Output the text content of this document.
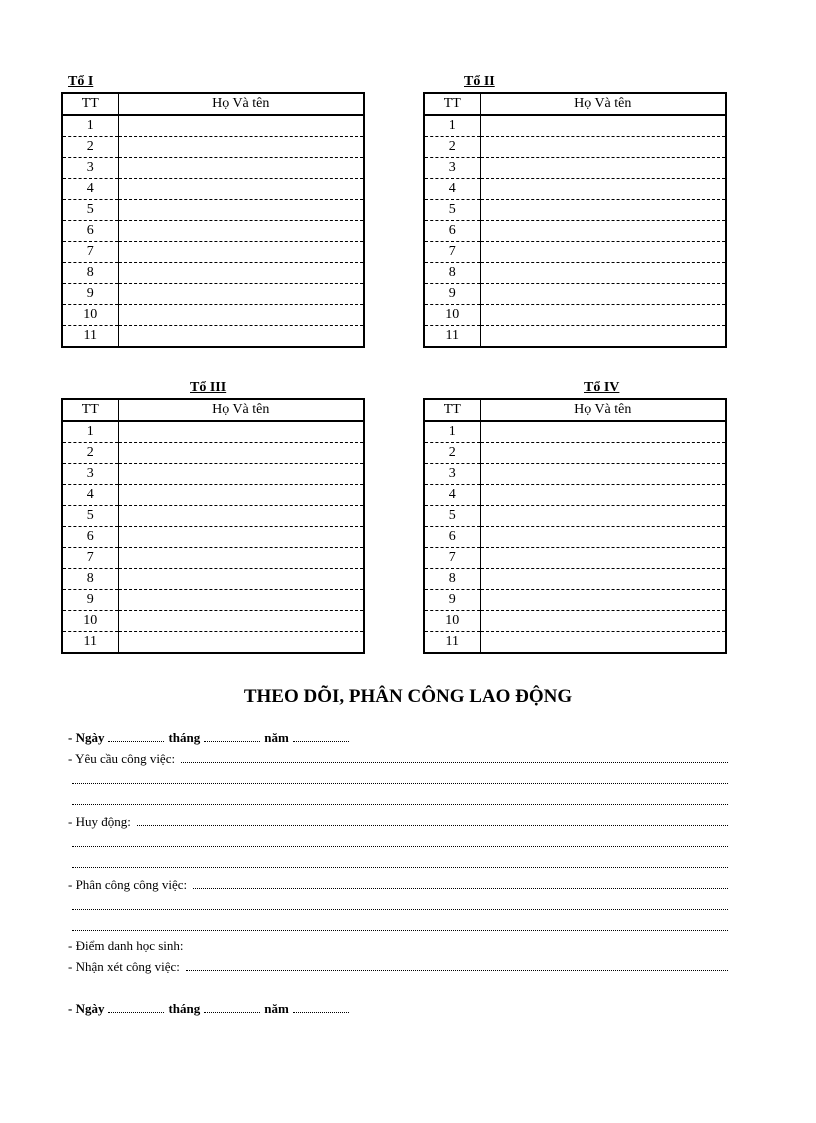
Tổ I	Tổ II
Tổ III	Tổ IV
TT	Họ Và tên
1	
2	
3	
4	
5	
6	
7	
8	
9	
10	
11	
TT	Họ Và tên
1	
2	
3	
4	
5	
6	
7	
8	
9	
10	
11	
TT	Họ Và tên
1	
2	
3	
4	
5	
6	
7	
8	
9	
10	
11	
TT	Họ Và tên
1	
2	
3	
4	
5	
6	
7	
8	
9	
10	
11	
THEO DÕI, PHÂN CÔNG LAO ĐỘNG
- Ngày	tháng	năm
- Yêu cầu công việc:
- Huy động:
- Phân công công việc:
- Điểm danh học sinh:
- Nhận xét công việc:
- Ngày	tháng	năm
